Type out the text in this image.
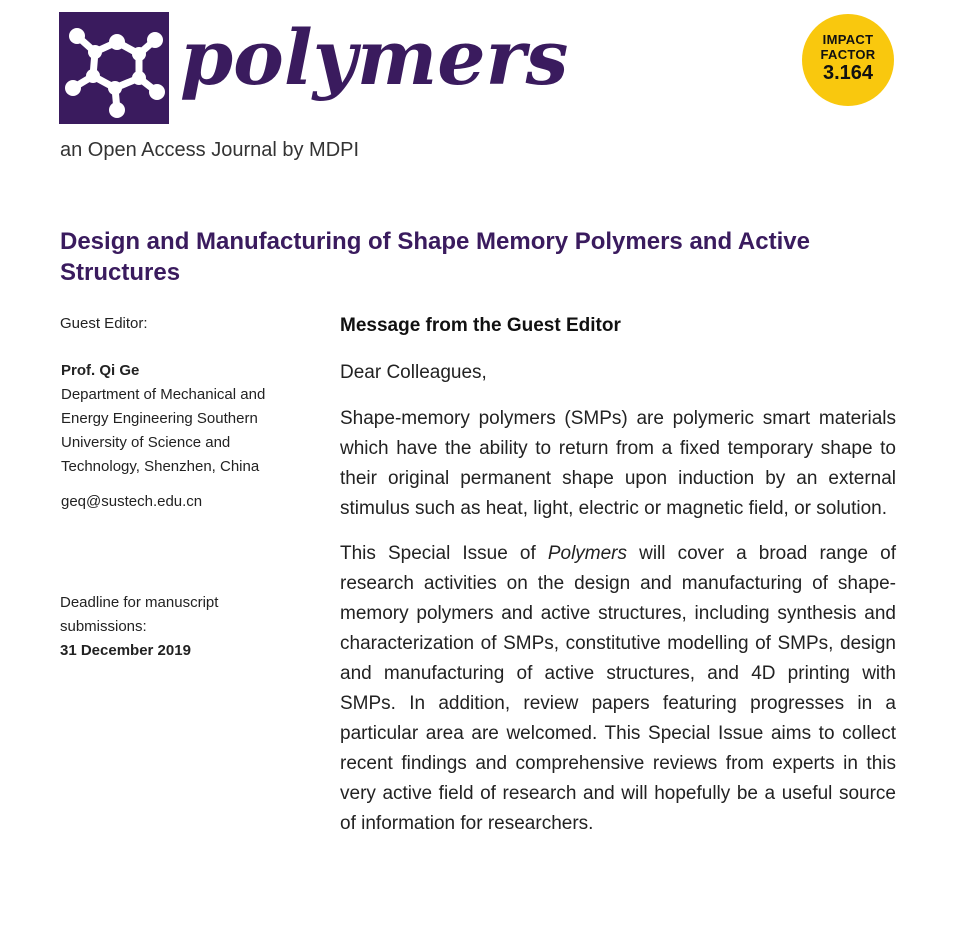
polymers
an Open Access Journal by MDPI
IMPACT
FACTOR
3.164
Design and Manufacturing of Shape Memory Polymers and Active Structures
Guest Editor:
Prof. Qi Ge
Department of Mechanical and Energy Engineering Southern University of Science and Technology, Shenzhen, China
geq@sustech.edu.cn
Deadline for manuscript submissions:
31 December 2019
Message from the Guest Editor

Dear Colleagues,

Shape-memory polymers (SMPs) are polymeric smart materials which have the ability to return from a fixed temporary shape to their original permanent shape upon induction by an external stimulus such as heat, light, electric or magnetic field, or solution.

This Special Issue of Polymers will cover a broad range of research activities on the design and manufacturing of shape-memory polymers and active structures, including synthesis and characterization of SMPs, constitutive modelling of SMPs, design and manufacturing of active structures, and 4D printing with SMPs. In addition, review papers featuring progresses in a particular area are welcomed. This Special Issue aims to collect recent findings and comprehensive reviews from experts in this very active field of research and will hopefully be a useful source of information for researchers.
